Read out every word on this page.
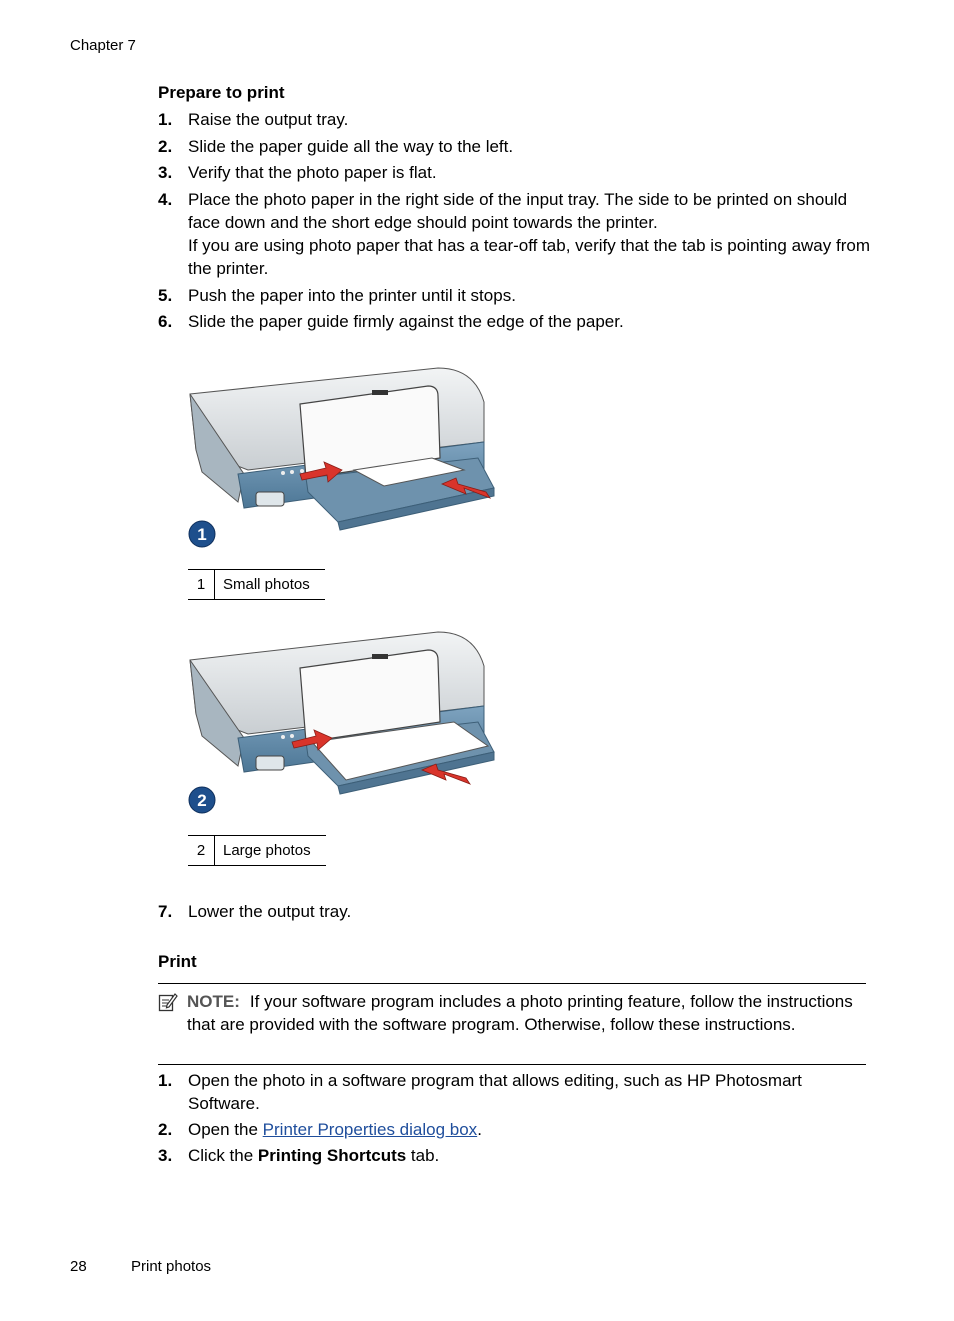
Chapter 7
Prepare to print
1. Raise the output tray.
2. Slide the paper guide all the way to the left.
3. Verify that the photo paper is flat.
4. Place the photo paper in the right side of the input tray. The side to be printed on should face down and the short edge should point towards the printer.
If you are using photo paper that has a tear-off tab, verify that the tab is pointing away from the printer.
5. Push the paper into the printer until it stops.
6. Slide the paper guide firmly against the edge of the paper.
1
1	Small photos
2
2	Large photos
7. Lower the output tray.
Print
NOTE: If your software program includes a photo printing feature, follow the instructions that are provided with the software program. Otherwise, follow these instructions.
1. Open the photo in a software program that allows editing, such as HP Photosmart Software.
2. Open the Printer Properties dialog box.
3. Click the Printing Shortcuts tab.
28	Print photos
